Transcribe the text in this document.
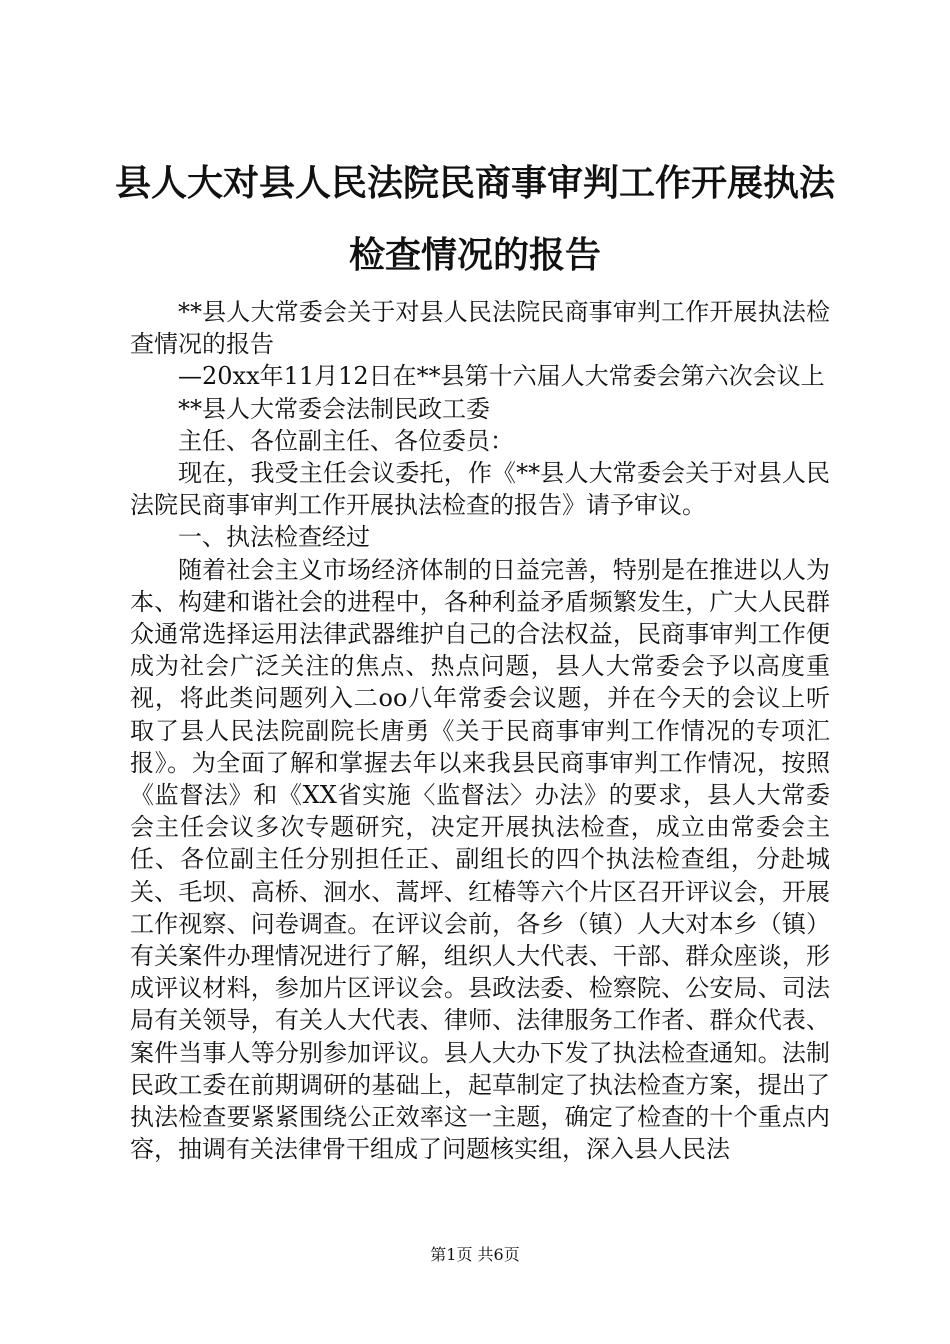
县人大对县人民法院民商事审判工作开展执法
检查情况的报告

**县人大常委会关于对县人民法院民商事审判工作开展执法检查情况的报告

—20xx年11月12日在**县第十六届人大常委会第六次会议上

**县人大常委会法制民政工委

主任、各位副主任、各位委员：

现在，我受主任会议委托，作《**县人大常委会关于对县人民法院民商事审判工作开展执法检查的报告》请予审议。

一、执法检查经过

随着社会主义市场经济体制的日益完善，特别是在推进以人为本、构建和谐社会的进程中，各种利益矛盾频繁发生，广大人民群众通常选择运用法律武器维护自己的合法权益，民商事审判工作便成为社会广泛关注的焦点、热点问题，县人大常委会予以高度重视，将此类问题列入二oo八年常委会议题，并在今天的会议上听取了县人民法院副院长唐勇《关于民商事审判工作情况的专项汇报》。为全面了解和掌握去年以来我县民商事审判工作情况，按照《监督法》和《XX省实施〈监督法〉办法》的要求，县人大常委会主任会议多次专题研究，决定开展执法检查，成立由常委会主任、各位副主任分别担任正、副组长的四个执法检查组，分赴城关、毛坝、高桥、洄水、蒿坪、红椿等六个片区召开评议会，开展工作视察、问卷调查。在评议会前，各乡（镇）人大对本乡（镇）有关案件办理情况进行了解，组织人大代表、干部、群众座谈，形成评议材料，参加片区评议会。县政法委、检察院、公安局、司法局有关领导，有关人大代表、律师、法律服务工作者、群众代表、案件当事人等分别参加评议。县人大办下发了执法检查通知。法制民政工委在前期调研的基础上，起草制定了执法检查方案，提出了执法检查要紧紧围绕公正效率这一主题，确定了检查的十个重点内容，抽调有关法律骨干组成了问题核实组，深入县人民法

第1页 共6页
